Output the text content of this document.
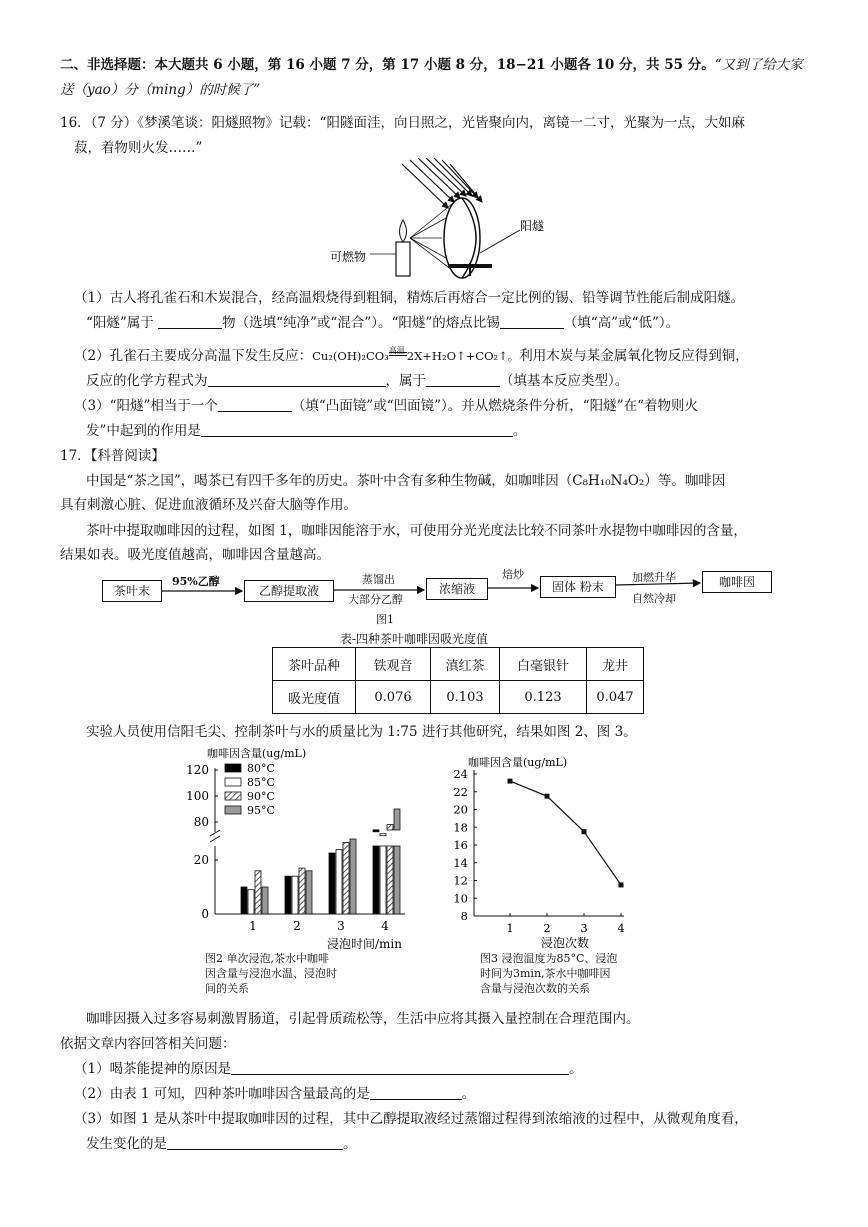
二、非选择题：本大题共 6 小题，第 16 小题 7 分，第 17 小题 8 分，18−21 小题各 10 分，共 55 分。“又到了给大家
送（yao）分（ming）的时候了”
16．（7 分）《梦溪笔谈：阳燧照物》记载：“阳隧面洼，向日照之，光皆聚向内，离镜一二寸，光聚为一点，大如麻
菽，着物则火发……”
阳燧
可燃物
（1）古人将孔雀石和木炭混合，经高温煅烧得到粗铜，精炼后再熔合一定比例的锡、铅等调节性能后制成阳燧。
“阳燧”属于	物（选填“纯净”或“混合”）。“阳燧”的熔点比锡	（填“高”或“低”）。
（2）孔雀石主要成分高温下发生反应：Cu₂(OH)₂CO₃ 高温 2X+H₂O↑+CO₂↑。利用木炭与某金属氧化物反应得到铜，
反应的化学方程式为	，属于	（填基本反应类型）。
（3）“阳燧”相当于一个	（填“凸面镜”或“凹面镜”）。并从燃烧条件分析，“阳燧”在“着物则火
发”中起到的作用是	。
17．【科普阅读】
中国是“茶之国”，喝茶已有四千多年的历史。茶叶中含有多种生物碱，如咖啡因（C₈H₁₀N₄O₂）等。咖啡因
具有刺激心脏、促进血液循环及兴奋大脑等作用。
茶叶中提取咖啡因的过程，如图 1，咖啡因能溶于水，可使用分光光度法比较不同茶叶水提物中咖啡因的含量，
结果如表。吸光度值越高，咖啡因含量越高。
茶叶末	乙醇提取液	浓缩液	固体 粉末	咖啡因
95%乙醇	蒸馏出
大部分乙醇
焙炒	加燃升华
自然冷却
图1
表-四种茶叶咖啡因吸光度值
茶叶品种	铁观音	滇红茶	白毫银针	龙井
吸光度值	0.076	0.103	0.123	0.047
实验人员使用信阳毛尖、控制茶叶与水的质量比为 1:75 进行其他研究，结果如图 2、图 3。
咖啡因含量(ug/mL)
0
20
80
100
120
1	2	3	4
浸泡时间/min
80°C
85°C
90°C
95°C
咖啡因含量(ug/mL)
8
10
12
14
16
18
20
22
24
1	2	3	4
浸泡次数
图2 单次浸泡,茶水中咖啡
因含量与浸泡水温、浸泡时
间的关系
图3 浸泡温度为85°C、浸泡
时间为3min,茶水中咖啡因
含量与浸泡次数的关系
咖啡因摄入过多容易刺激胃肠道，引起骨质疏松等，生活中应将其摄入量控制在合理范围内。
依据文章内容回答相关问题：
（1）喝茶能提神的原因是	。
（2）由表 1 可知，四种茶叶咖啡因含量最高的是	。
（3）如图 1 是从茶叶中提取咖啡因的过程，其中乙醇提取液经过蒸馏过程得到浓缩液的过程中，从微观角度看，
发生变化的是	。
